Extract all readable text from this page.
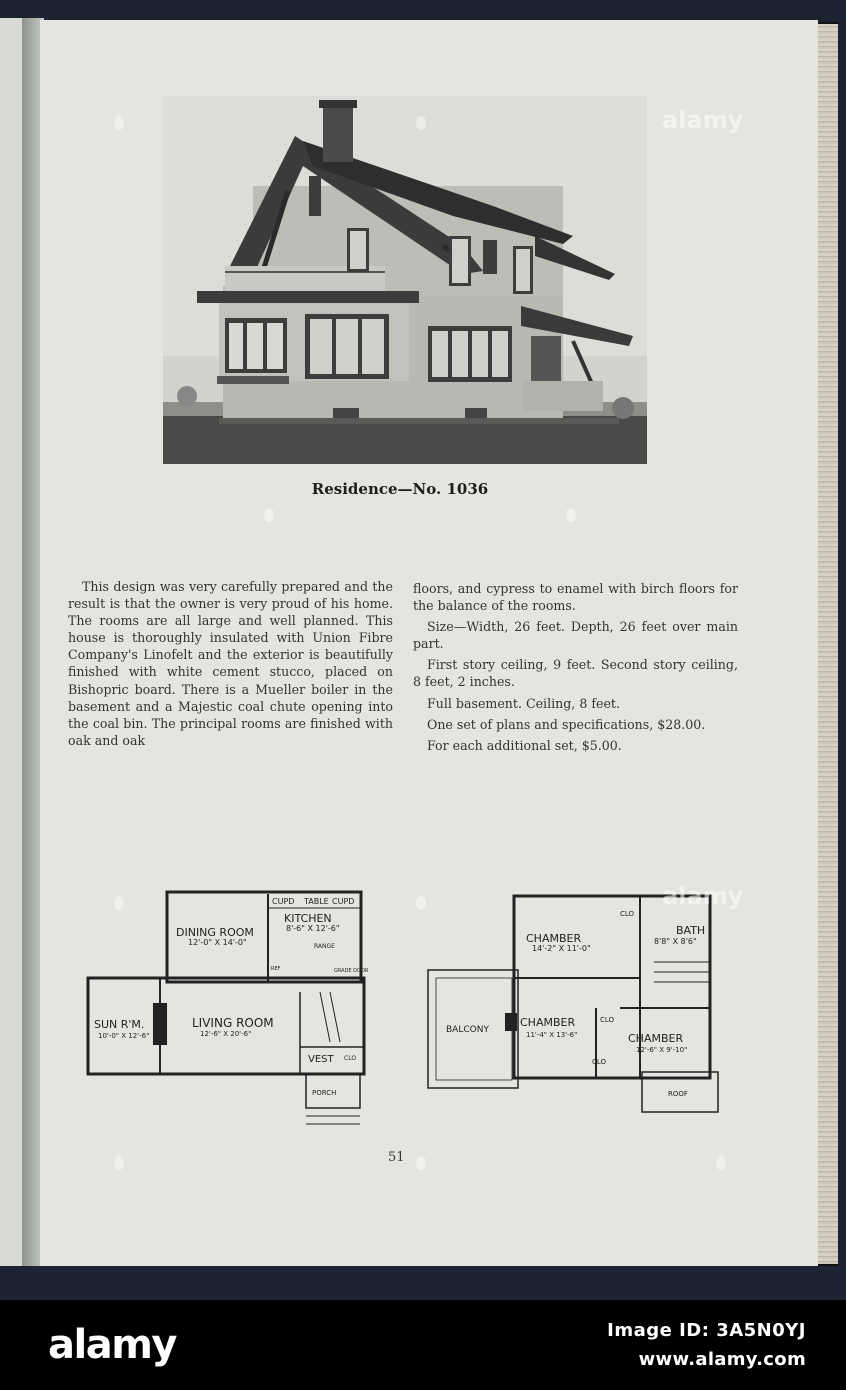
Residence—No. 1036

This design was very carefully prepared and the result is that the owner is very proud of his home. The rooms are all large and well planned. This house is thoroughly insulated with Union Fibre Company's Linofelt and the exterior is beautifully finished with white cement stucco, placed on Bishopric board. There is a Mueller boiler in the basement and a Majestic coal chute opening into the coal bin. The principal rooms are finished with oak and oak

floors, and cypress to enamel with birch floors for the balance of the rooms.

Size—Width, 26 feet. Depth, 26 feet over main part.

First story ceiling, 9 feet. Second story ceiling, 8 feet, 2 inches.

Full basement. Ceiling, 8 feet.

One set of plans and specifications, $28.00.

For each additional set, $5.00.

CUPD TABLE CUPD
KITCHEN
8'-6" X 12'-6"
DINING ROOM
12'-0" X 14'-0"	RANGE
GRADE DOOR
REF
SUN R'M.
10'-0" X 12'-6"
LIVING ROOM
12'-6" X 20'-6"
VEST CLO
PORCH
CHAMBER
14'-2" X 11'-0"
CLO
BATH
8'8" X 8'6"
BALCONY
CHAMBER
11'-4" X 13'-6"
CLO
CLO
CHAMBER
12'-6" X 9'-10"
ROOF
51
alamy
alamy
alamy	Image ID: 3A5N0YJ
www.alamy.com
